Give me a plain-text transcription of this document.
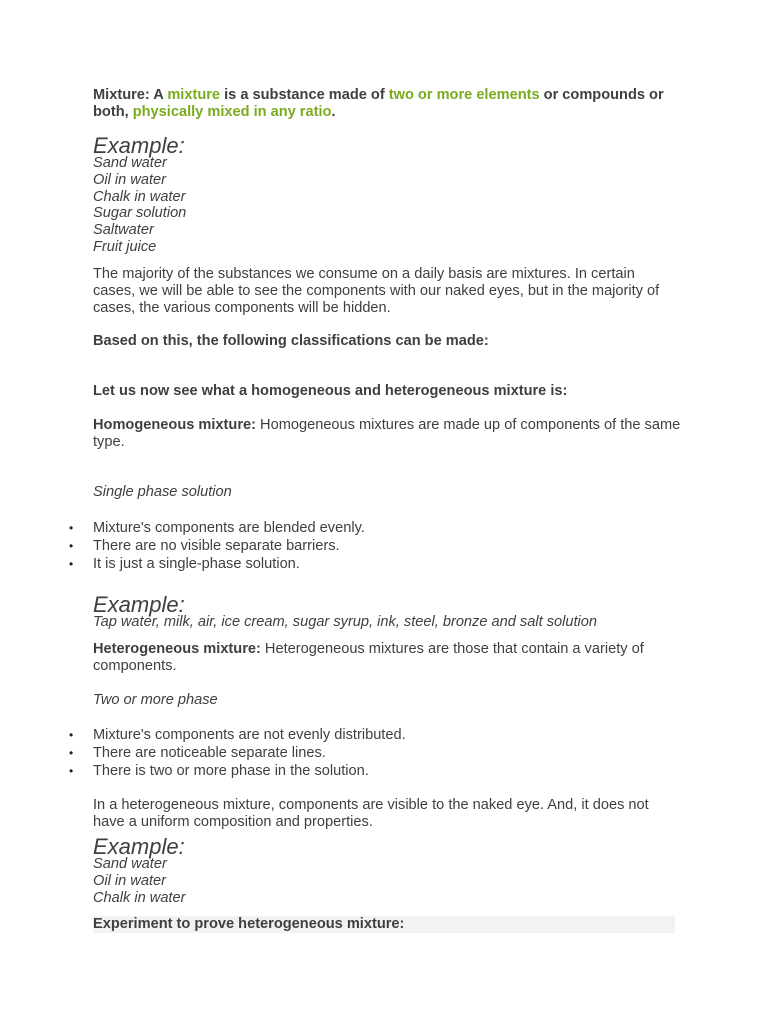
Mixture: A mixture is a substance made of two or more elements or compounds or both, physically mixed in any ratio.

Example:
Sand water
Oil in water
Chalk in water
Sugar solution
Saltwater
Fruit juice

The majority of the substances we consume on a daily basis are mixtures. In certain cases, we will be able to see the components with our naked eyes, but in the majority of cases, the various components will be hidden.

Based on this, the following classifications can be made:

Let us now see what a homogeneous and heterogeneous mixture is:

Homogeneous mixture: Homogeneous mixtures are made up of components of the same type.

Single phase solution

• Mixture's components are blended evenly.
• There are no visible separate barriers.
• It is just a single-phase solution.
Example:

Tap water, milk, air, ice cream, sugar syrup, ink, steel, bronze and salt solution

Heterogeneous mixture: Heterogeneous mixtures are those that contain a variety of components.

Two or more phase

• Mixture's components are not evenly distributed.
• There are noticeable separate lines.
• There is two or more phase in the solution.

In a heterogeneous mixture, components are visible to the naked eye. And, it does not have a uniform composition and properties.

Example:
Sand water
Oil in water
Chalk in water
Experiment to prove heterogeneous mixture:
